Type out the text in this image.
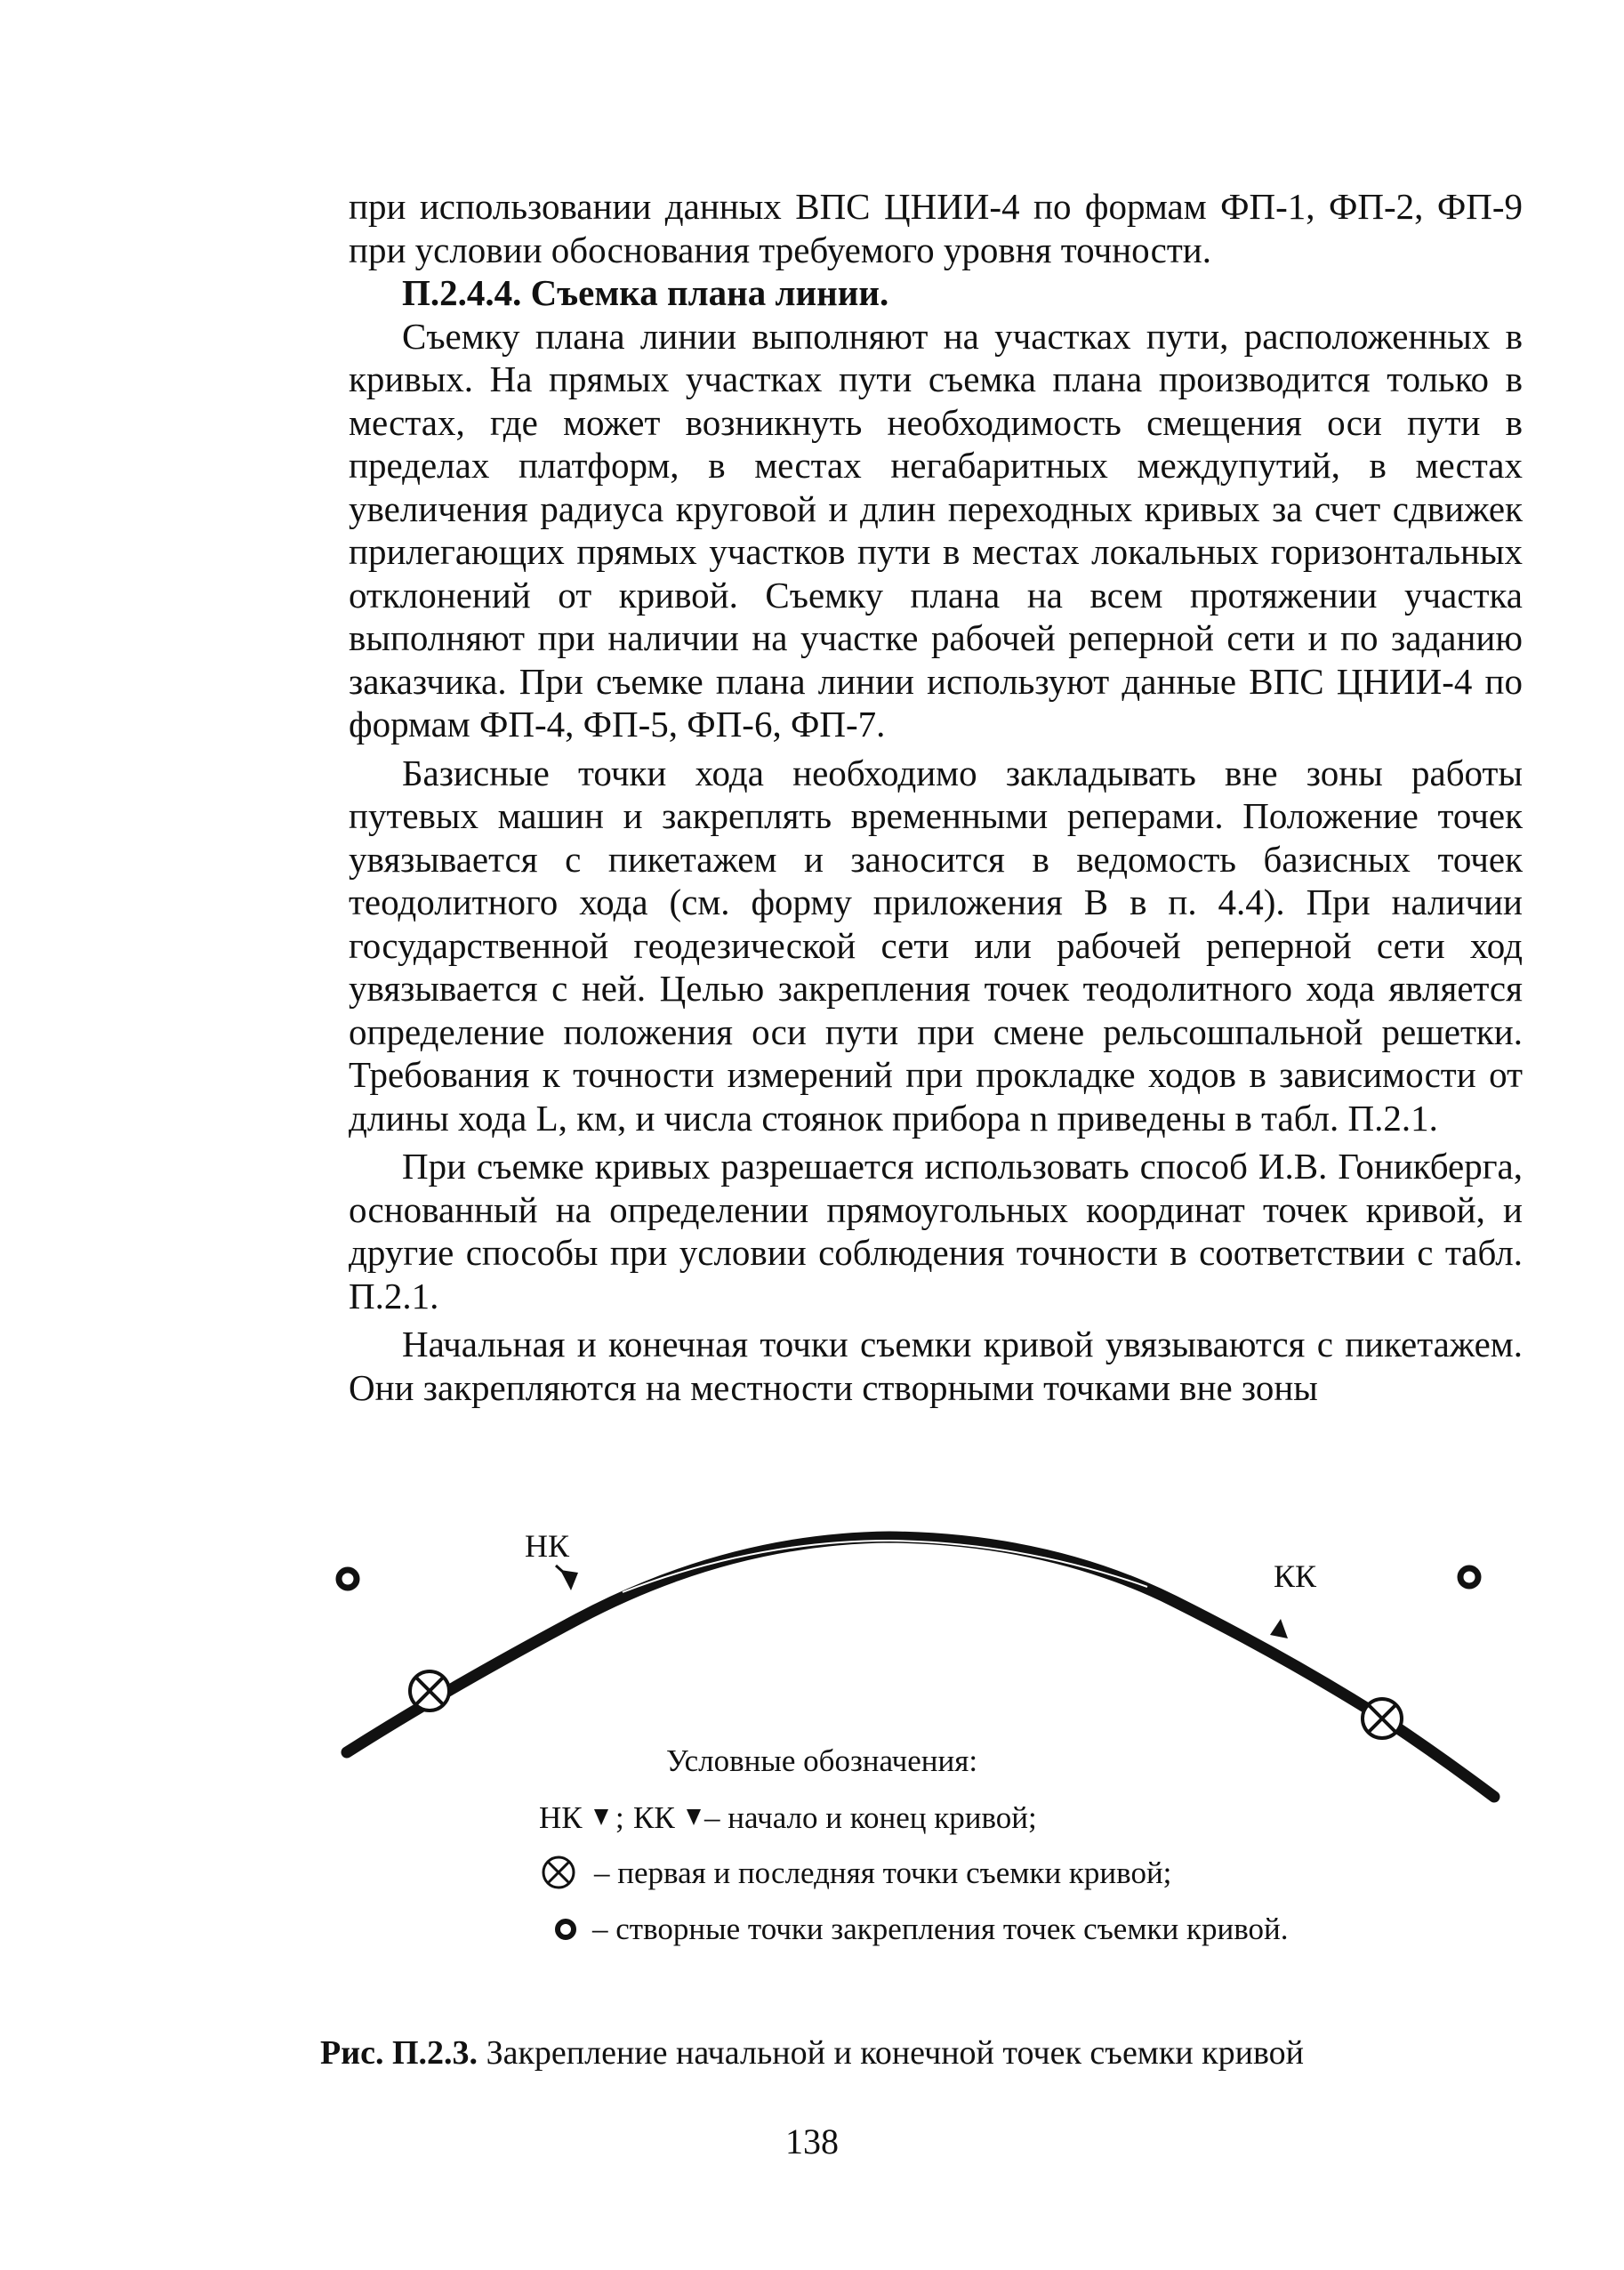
при использовании данных ВПС ЦНИИ-4 по формам ФП-1, ФП-2, ФП-9 при условии обоснования требуемого уровня точности.

П.2.4.4. Съемка плана линии.

Съемку плана линии выполняют на участках пути, расположенных в кривых. На прямых участках пути съемка плана производится только в местах, где может возникнуть необходимость смещения оси пути в пределах платформ, в местах негабаритных междупутий, в местах увеличения радиуса круговой и длин переходных кривых за счет сдвижек прилегающих прямых участков пути в местах локальных горизонтальных отклонений от кривой. Съемку плана на всем протяжении участка выполняют при наличии на участке рабочей реперной сети и по заданию заказчика. При съемке плана линии используют данные ВПС ЦНИИ-4 по формам ФП-4, ФП-5, ФП-6, ФП-7.

Базисные точки хода необходимо закладывать вне зоны работы путевых машин и закреплять временными реперами. Положение точек увязывается с пикетажем и заносится в ведомость базисных точек теодолитного хода (см. форму приложения В в п. 4.4). При наличии государственной геодезической сети или рабочей реперной сети ход увязывается с ней. Целью закрепления точек теодолитного хода является определение положения оси пути при смене рельсошпальной решетки. Требования к точности измерений при прокладке ходов в зависимости от длины хода L, км, и числа стоянок прибора n приведены в табл. П.2.1.

При съемке кривых разрешается использовать способ И.В. Гоникберга, основанный на определении прямоугольных координат точек кривой, и другие способы при условии соблюдения точности в соответствии с табл. П.2.1.

Начальная и конечная точки съемки кривой увязываются с пикетажем. Они закрепляются на местности створными точками вне зоны

НК
КК
Условные обозначения:
НК ; КК – начало и конец кривой;
– первая и последняя точки съемки кривой;
– створные точки закрепления точек съемки кривой.
Рис. П.2.3. Закрепление начальной и конечной точек съемки кривой
138
